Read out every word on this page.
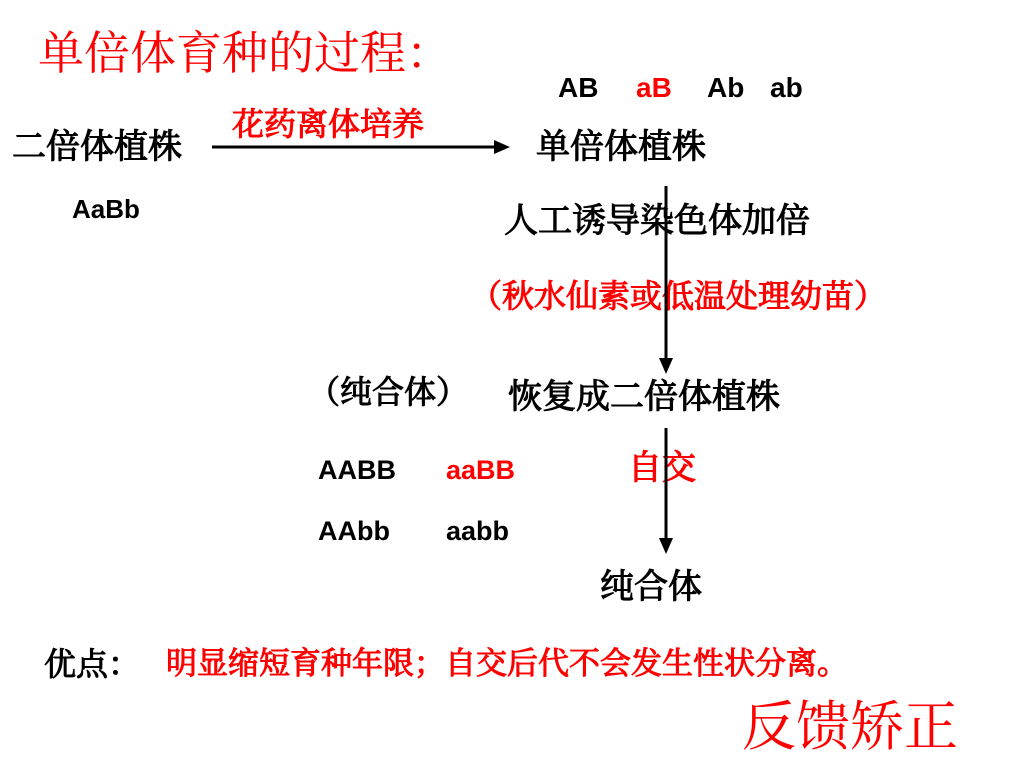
单倍体育种的过程：
AB aB Ab ab
花药离体培养
二倍体植株
AaBb
单倍体植株
人工诱导染色体加倍
（秋水仙素或低温处理幼苗）
（纯合体） 恢复成二倍体植株
AABB aaBB
AAbb aabb
自交
纯合体
优点： 明显缩短育种年限；自交后代不会发生性状分离。
反馈矫正
